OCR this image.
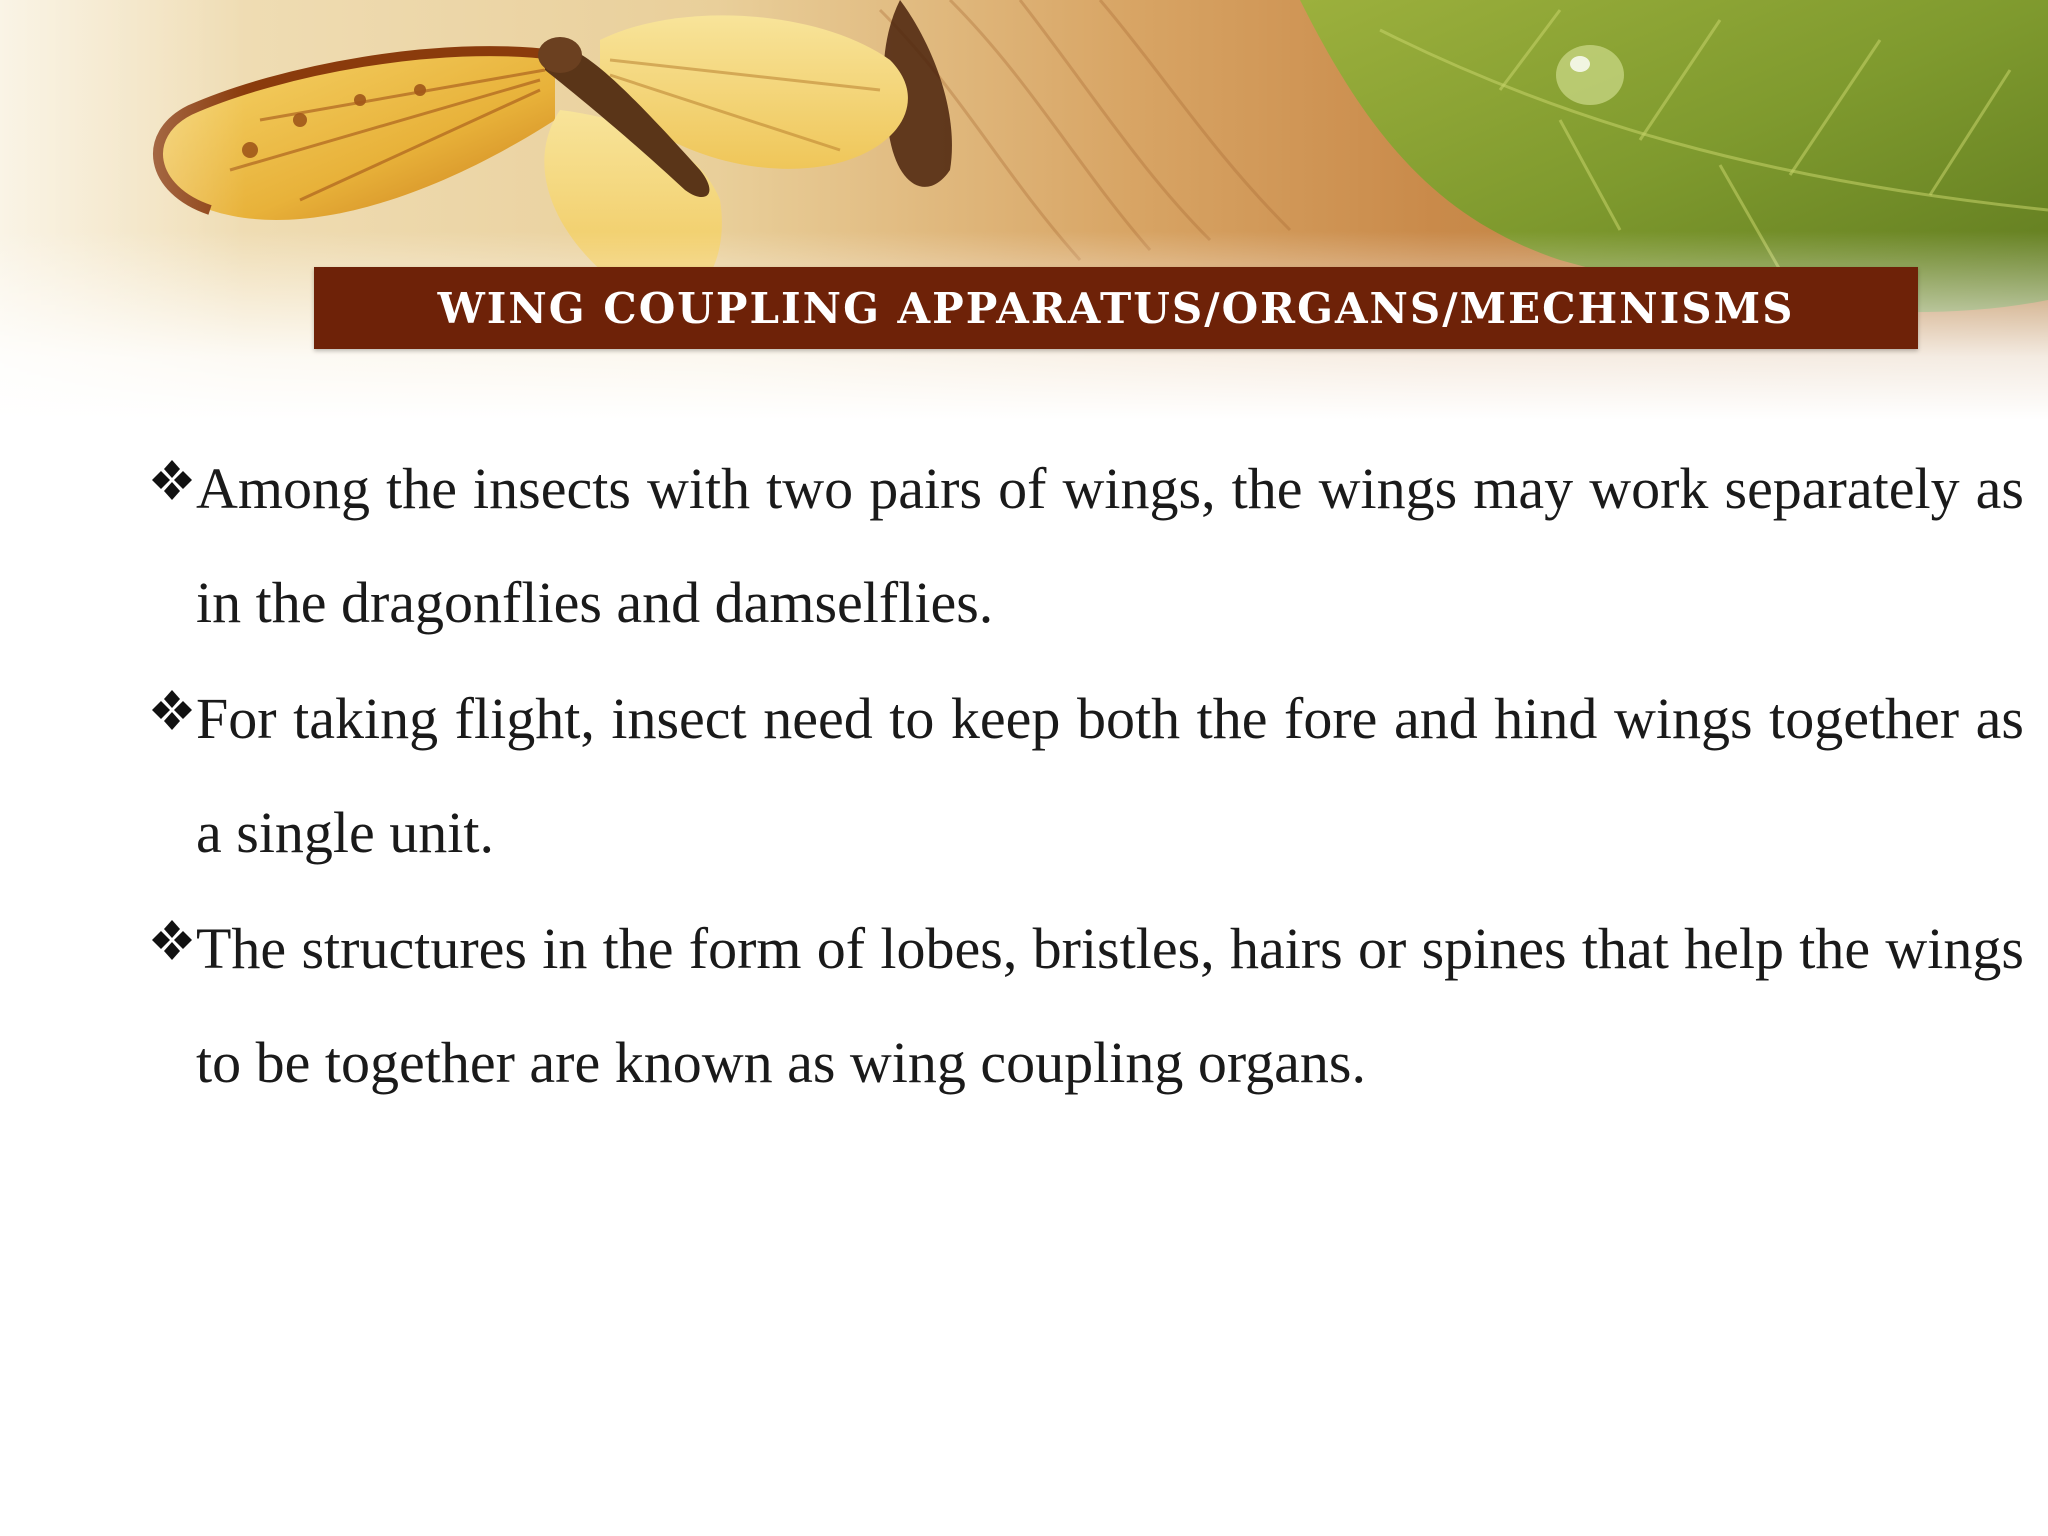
WING COUPLING APPARATUS/ORGANS/MECHNISMS
Among the insects with two pairs of wings, the wings may work separately as in the dragonflies and damselflies.
For taking flight, insect need to keep both the fore and hind wings together as a single unit.
The structures in the form of lobes, bristles, hairs or spines that help the wings to be together are known as wing coupling organs.
